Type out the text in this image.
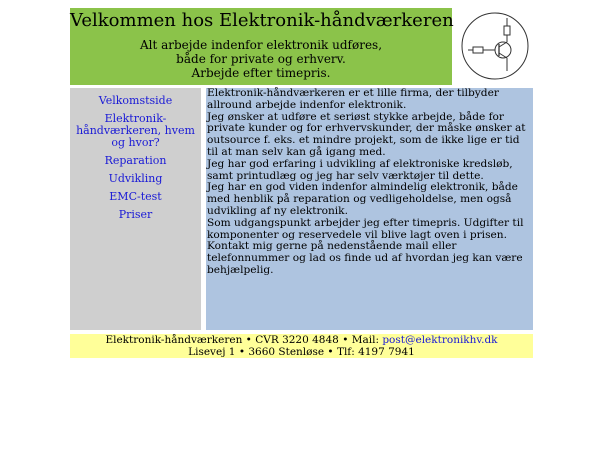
Velkommen hos Elektronik-håndværkeren
Alt arbejde indenfor elektronik udføres,
både for private og erhverv.
Arbejde efter timepris.
Velkomstside
Elektronik-håndværkeren, hvem og hvor?
Reparation
Udvikling
EMC-test
Priser

Elektronik-håndværkeren er et lille firma, der tilbyder allround arbejde indenfor elektronik.

Jeg ønsker at udføre et seriøst stykke arbejde, både for private kunder og for erhvervskunder, der måske ønsker at outsource f. eks. et mindre projekt, som de ikke lige er tid til at man selv kan gå igang med.

Jeg har god erfaring i udvikling af elektroniske kredsløb, samt printudlæg og jeg har selv værktøjer til dette.

Jeg har en god viden indenfor almindelig elektronik, både med henblik på reparation og vedligeholdelse, men også udvikling af ny elektronik.

Som udgangspunkt arbejder jeg efter timepris. Udgifter til komponenter og reservedele vil blive lagt oven i prisen.

Kontakt mig gerne på nedenstående mail eller telefonnummer og lad os finde ud af hvordan jeg kan være behjælpelig.

Elektronik-håndværkeren • CVR 3220 4848 • Mail: post@elektronikhv.dk
Lisevej 1 • 3660 Stenløse • Tlf: 4197 7941
